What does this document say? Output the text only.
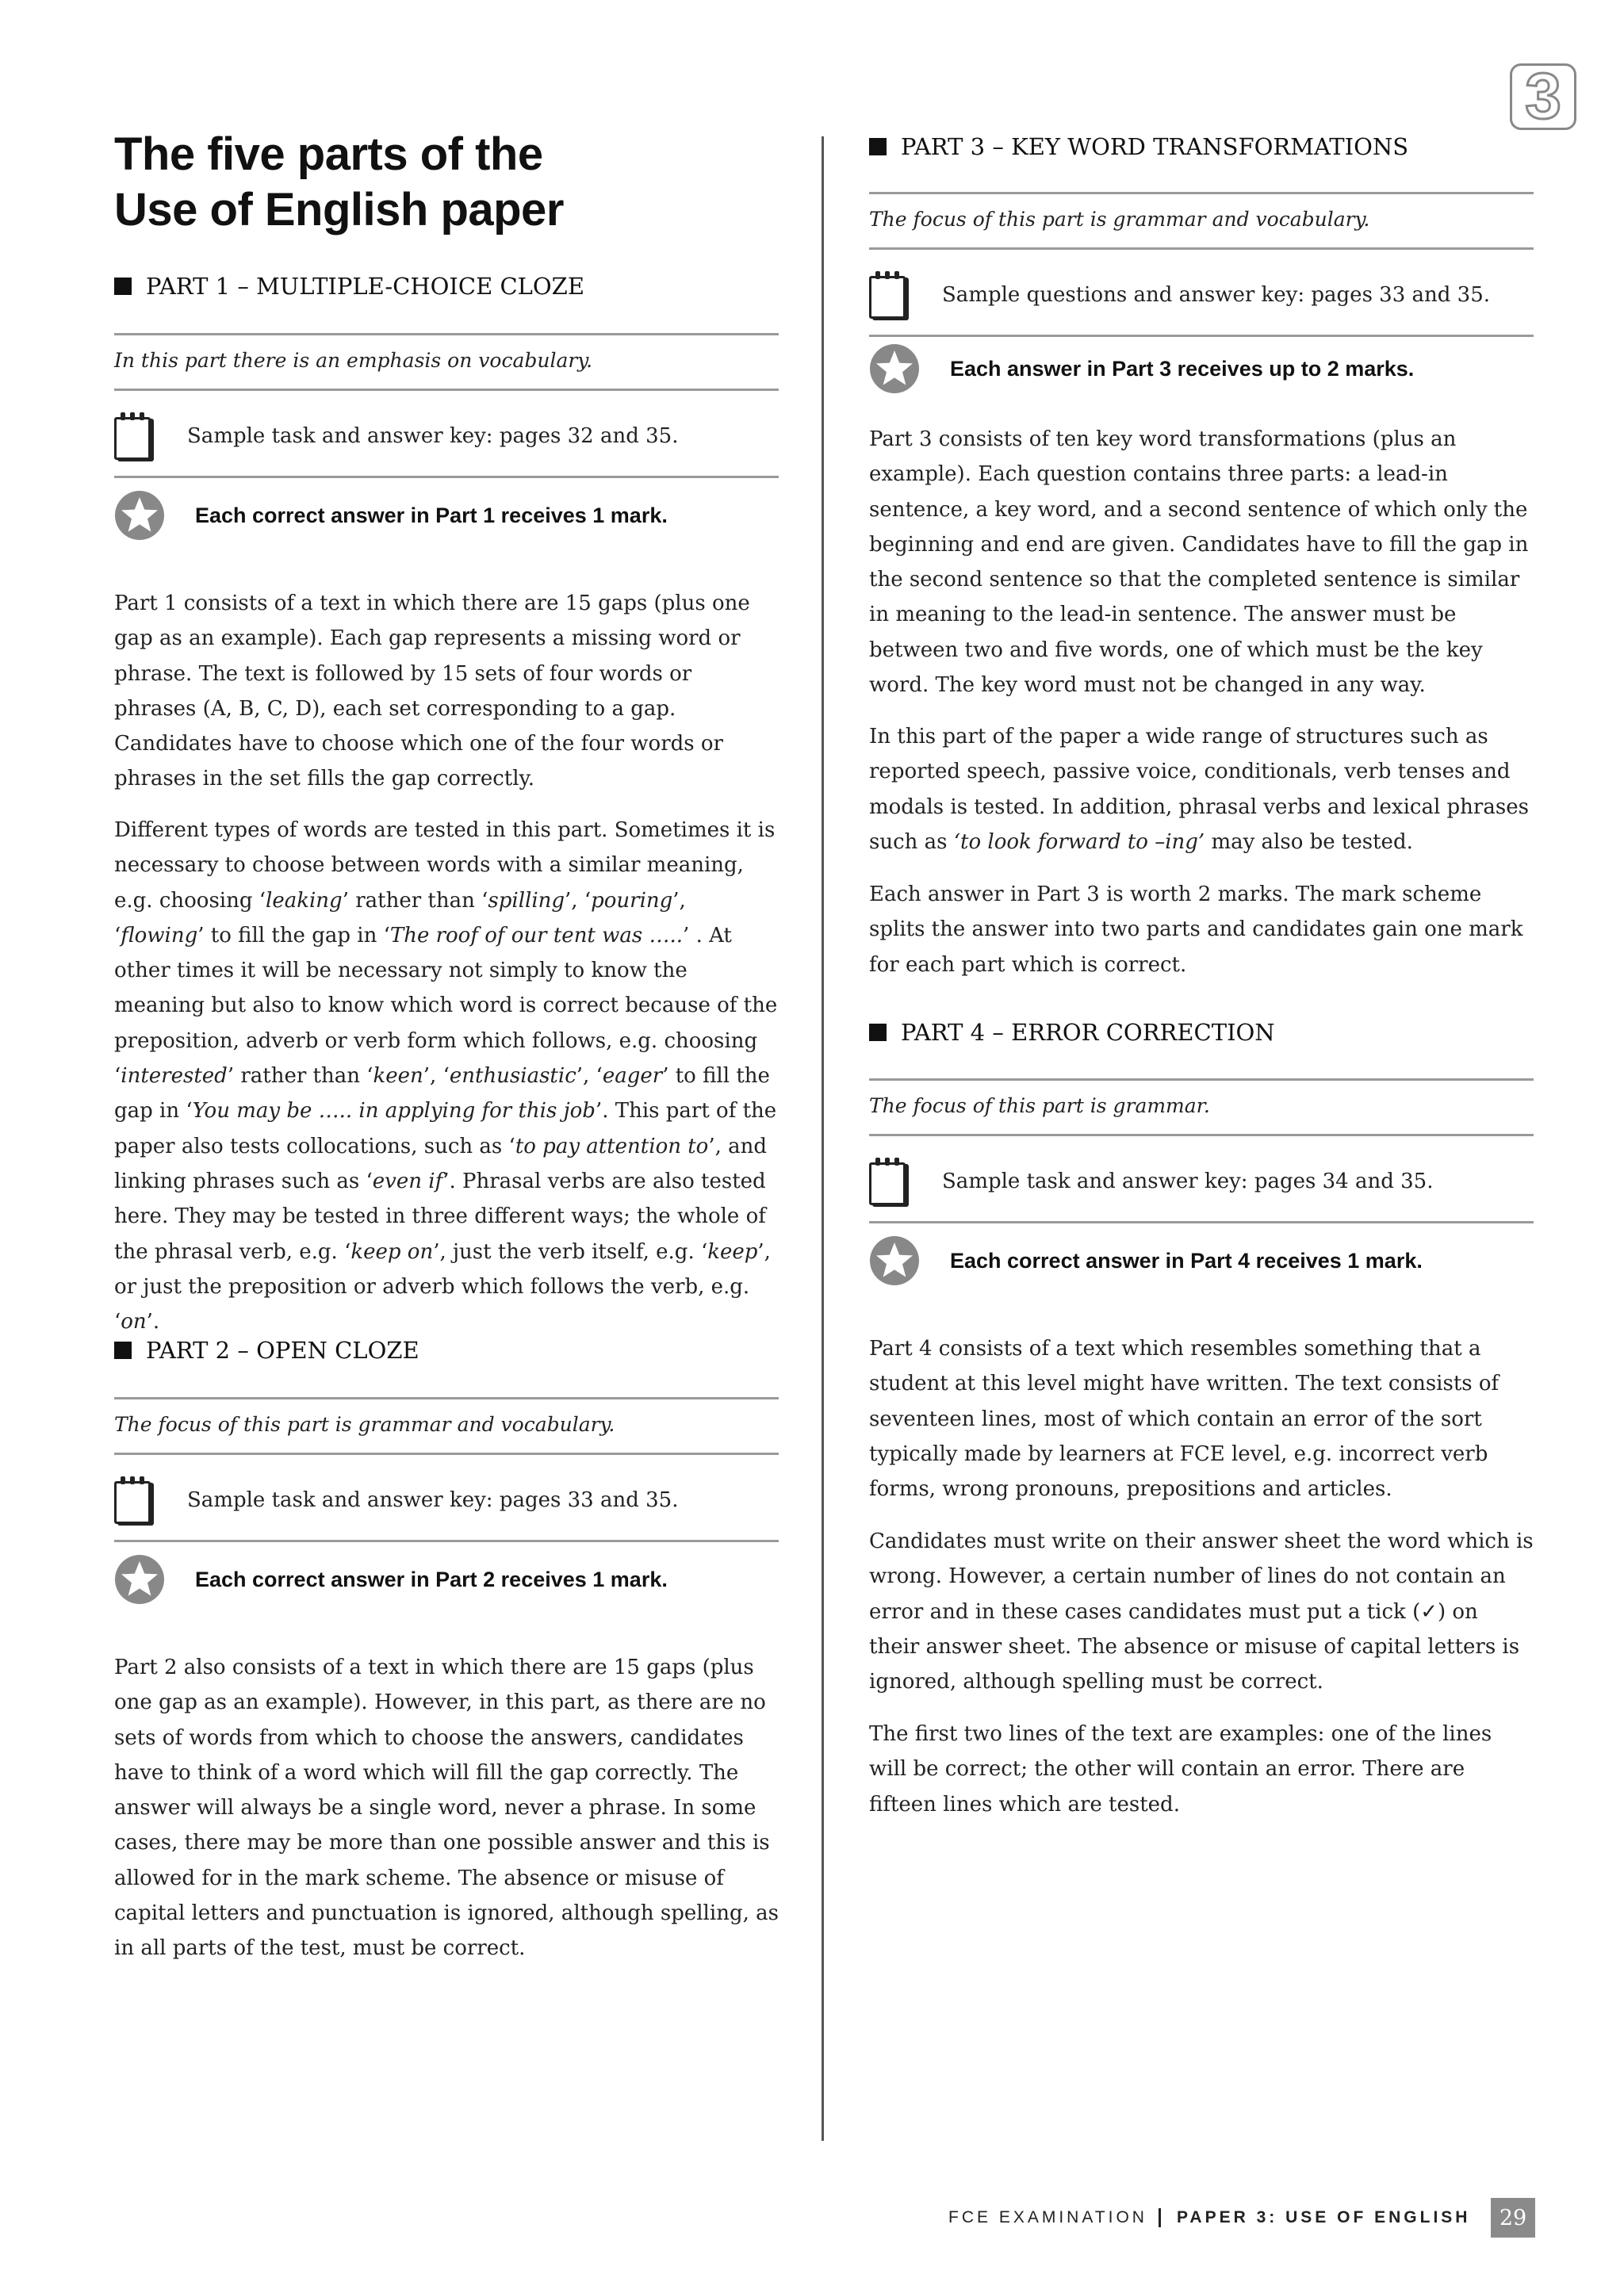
3
The five parts of the
Use of English paper
PART 1 – MULTIPLE-CHOICE CLOZE

In this part there is an emphasis on vocabulary.

Sample task and answer key: pages 32 and 35.
Each correct answer in Part 1 receives 1 mark.

Part 1 consists of a text in which there are 15 gaps (plus one gap as an example). Each gap represents a missing word or phrase. The text is followed by 15 sets of four words or phrases (A, B, C, D), each set corresponding to a gap. Candidates have to choose which one of the four words or phrases in the set fills the gap correctly.

Different types of words are tested in this part. Sometimes it is necessary to choose between words with a similar meaning, e.g. choosing ‘leaking’ rather than ‘spilling’, ‘pouring’, ‘flowing’ to fill the gap in ‘The roof of our tent was …..’ . At other times it will be necessary not simply to know the meaning but also to know which word is correct because of the preposition, adverb or verb form which follows, e.g. choosing ‘interested’ rather than ‘keen’, ‘enthusiastic’, ‘eager’ to fill the gap in ‘You may be ….. in applying for this job’. This part of the paper also tests collocations, such as ‘to pay attention to’, and linking phrases such as ‘even if’. Phrasal verbs are also tested here. They may be tested in three different ways; the whole of the phrasal verb, e.g. ‘keep on’, just the verb itself, e.g. ‘keep’, or just the preposition or adverb which follows the verb, e.g. ‘on’.

PART 2 – OPEN CLOZE

The focus of this part is grammar and vocabulary.

Sample task and answer key: pages 33 and 35.
Each correct answer in Part 2 receives 1 mark.

Part 2 also consists of a text in which there are 15 gaps (plus one gap as an example). However, in this part, as there are no sets of words from which to choose the answers, candidates have to think of a word which will fill the gap correctly. The answer will always be a single word, never a phrase. In some cases, there may be more than one possible answer and this is allowed for in the mark scheme. The absence or misuse of capital letters and punctuation is ignored, although spelling, as in all parts of the test, must be correct.

PART 3 – KEY WORD TRANSFORMATIONS

The focus of this part is grammar and vocabulary.

Sample questions and answer key: pages 33 and 35.
Each answer in Part 3 receives up to 2 marks.

Part 3 consists of ten key word transformations (plus an example). Each question contains three parts: a lead-in sentence, a key word, and a second sentence of which only the beginning and end are given. Candidates have to fill the gap in the second sentence so that the completed sentence is similar in meaning to the lead-in sentence. The answer must be between two and five words, one of which must be the key word. The key word must not be changed in any way.

In this part of the paper a wide range of structures such as reported speech, passive voice, conditionals, verb tenses and modals is tested. In addition, phrasal verbs and lexical phrases such as ‘to look forward to –ing’ may also be tested.

Each answer in Part 3 is worth 2 marks. The mark scheme splits the answer into two parts and candidates gain one mark for each part which is correct.

PART 4 – ERROR CORRECTION

The focus of this part is grammar.

Sample task and answer key: pages 34 and 35.
Each correct answer in Part 4 receives 1 mark.

Part 4 consists of a text which resembles something that a student at this level might have written. The text consists of seventeen lines, most of which contain an error of the sort typically made by learners at FCE level, e.g. incorrect verb forms, wrong pronouns, prepositions and articles.

Candidates must write on their answer sheet the word which is wrong. However, a certain number of lines do not contain an error and in these cases candidates must put a tick (✓) on their answer sheet. The absence or misuse of capital letters is ignored, although spelling must be correct.

The first two lines of the text are examples: one of the lines will be correct; the other will contain an error. There are fifteen lines which are tested.

FCE EXAMINATION PAPER 3: USE OF ENGLISH	29
